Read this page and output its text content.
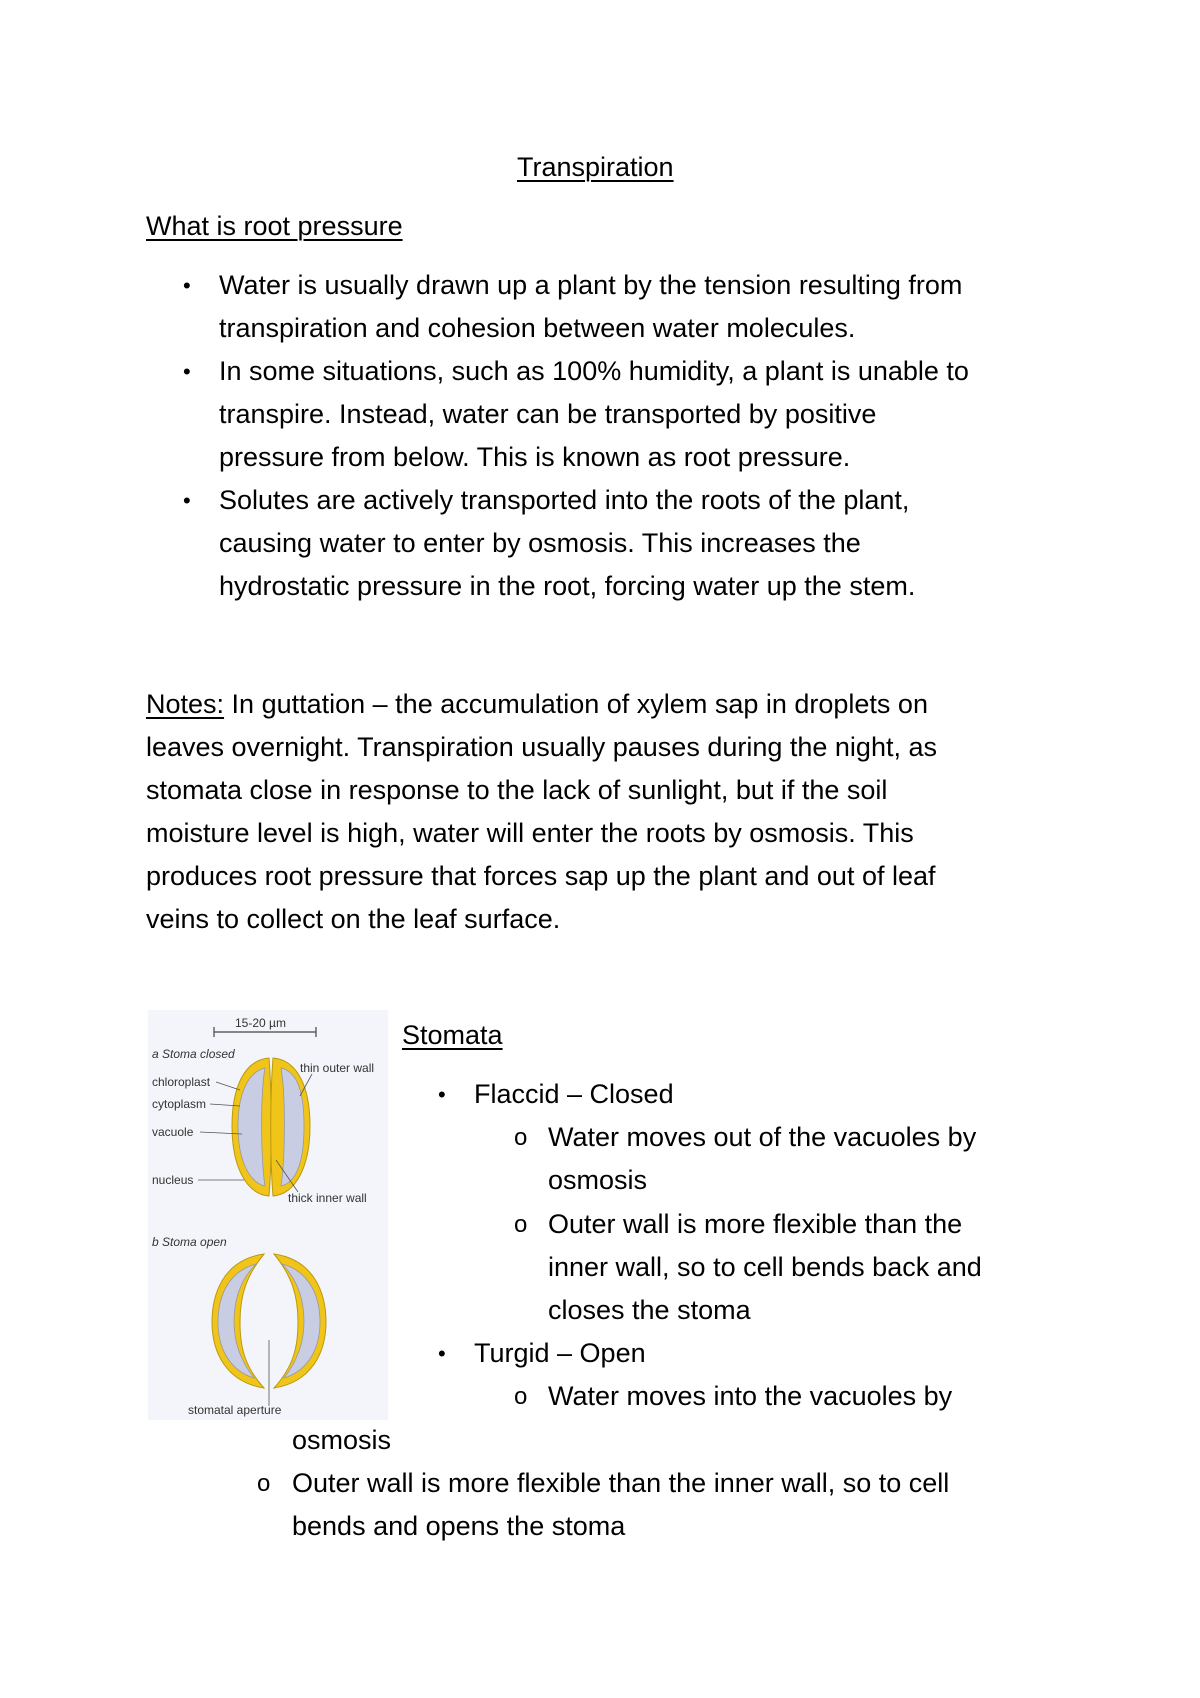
Transpiration
What is root pressure
• Water is usually drawn up a plant by the tension resulting from
transpiration and cohesion between water molecules.
• In some situations, such as 100% humidity, a plant is unable to
transpire. Instead, water can be transported by positive
pressure from below. This is known as root pressure.
• Solutes are actively transported into the roots of the plant,
causing water to enter by osmosis. This increases the
hydrostatic pressure in the root, forcing water up the stem.
Notes: In guttation – the accumulation of xylem sap in droplets on
leaves overnight. Transpiration usually pauses during the night, as
stomata close in response to the lack of sunlight, but if the soil
moisture level is high, water will enter the roots by osmosis. This
produces root pressure that forces sap up the plant and out of leaf
veins to collect on the leaf surface.
15-20 µm
a Stoma closed
chloroplast
cytoplasm
vacuole
nucleus
thin outer wall
thick inner wall
b Stoma open
stomatal aperture
Stomata
• Flaccid – Closed
o Water moves out of the vacuoles by
osmosis
o Outer wall is more flexible than the
inner wall, so to cell bends back and
closes the stoma
• Turgid – Open
o Water moves into the vacuoles by
osmosis
o Outer wall is more flexible than the inner wall, so to cell
bends and opens the stoma
